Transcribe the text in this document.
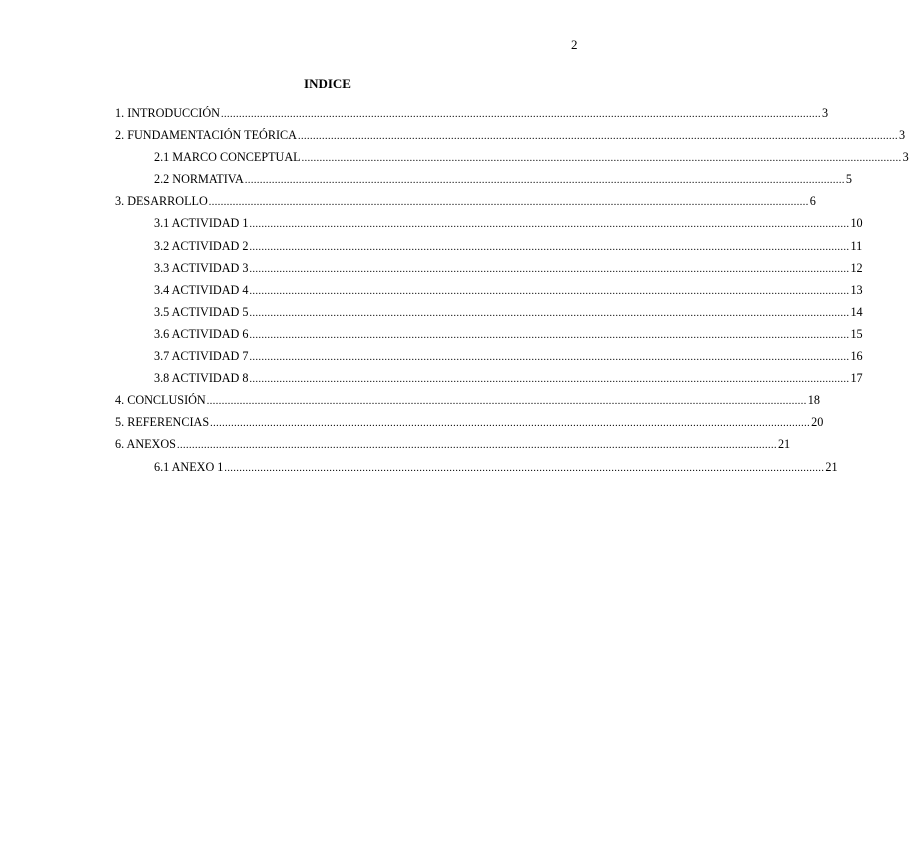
2
INDICE
1. INTRODUCCIÓN ........................................................................................................................................................................................................ 3
2. FUNDAMENTACIÓN TEÓRICA ........................................................................................................................................................................................................ 3
2.1 MARCO CONCEPTUAL ........................................................................................................................................................................................................ 3
2.2 NORMATIVA ........................................................................................................................................................................................................ 5
3. DESARROLLO ........................................................................................................................................................................................................ 6
3.1 ACTIVIDAD 1 ........................................................................................................................................................................................................ 10
3.2 ACTIVIDAD 2 ........................................................................................................................................................................................................ 11
3.3 ACTIVIDAD 3 ........................................................................................................................................................................................................ 12
3.4 ACTIVIDAD 4 ........................................................................................................................................................................................................ 13
3.5 ACTIVIDAD 5 ........................................................................................................................................................................................................ 14
3.6 ACTIVIDAD 6 ........................................................................................................................................................................................................ 15
3.7 ACTIVIDAD 7 ........................................................................................................................................................................................................ 16
3.8 ACTIVIDAD 8 ........................................................................................................................................................................................................ 17
4. CONCLUSIÓN ........................................................................................................................................................................................................ 18
5. REFERENCIAS ........................................................................................................................................................................................................ 20
6. ANEXOS ........................................................................................................................................................................................................ 21
6.1 ANEXO 1 ........................................................................................................................................................................................................ 21
